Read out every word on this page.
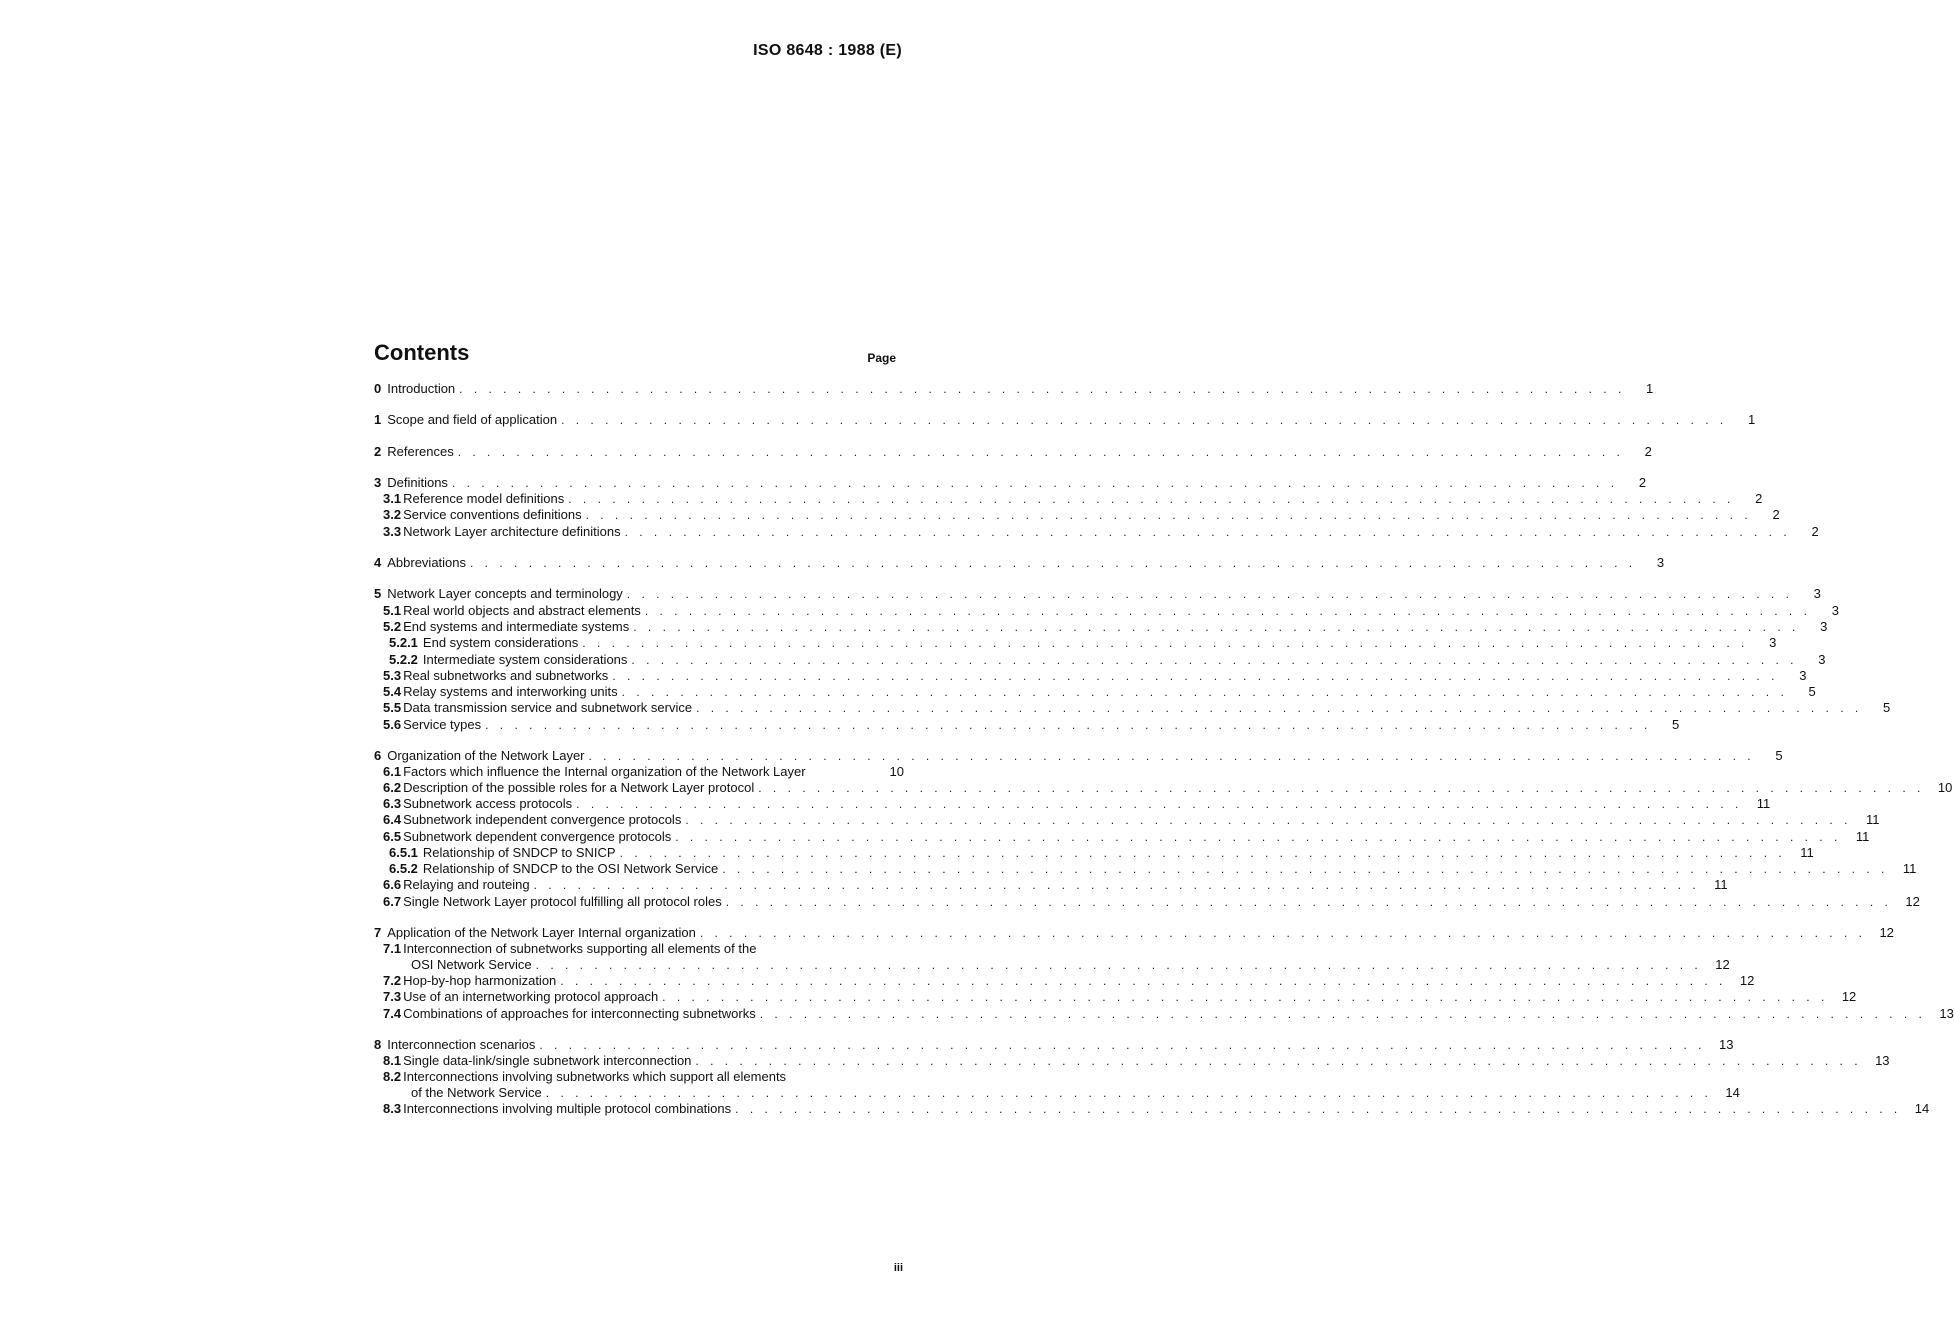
ISO 8648 : 1988 (E)
Contents	Page
0 Introduction . . . . . . . . . . . . . . . . . . . . . . . . . . . . . . . . . . . . . . . . . . . . . . . . . . . . . . . . . . . . . . . . . . . . . . . . . . . . . . . .	1
1 Scope and field of application . . . . . . . . . . . . . . . . . . . . . . . . . . . . . . . . . . . . . . . . . . . . . . . . . . . . . . . . . . . . . . . . . . . . . . . . . . . . . . . .	1
2 References . . . . . . . . . . . . . . . . . . . . . . . . . . . . . . . . . . . . . . . . . . . . . . . . . . . . . . . . . . . . . . . . . . . . . . . . . . . . . . . .	2
3 Definitions . . . . . . . . . . . . . . . . . . . . . . . . . . . . . . . . . . . . . . . . . . . . . . . . . . . . . . . . . . . . . . . . . . . . . . . . . . . . . . . .	2
3.1 Reference model definitions . . . . . . . . . . . . . . . . . . . . . . . . . . . . . . . . . . . . . . . . . . . . . . . . . . . . . . . . . . . . . . . . . . . . . . . . . . . . . . . .	2
3.2 Service conventions definitions . . . . . . . . . . . . . . . . . . . . . . . . . . . . . . . . . . . . . . . . . . . . . . . . . . . . . . . . . . . . . . . . . . . . . . . . . . . . . . . .	2
3.3 Network Layer architecture definitions . . . . . . . . . . . . . . . . . . . . . . . . . . . . . . . . . . . . . . . . . . . . . . . . . . . . . . . . . . . . . . . . . . . . . . . . . . . . . . . .	2
4 Abbreviations . . . . . . . . . . . . . . . . . . . . . . . . . . . . . . . . . . . . . . . . . . . . . . . . . . . . . . . . . . . . . . . . . . . . . . . . . . . . . . . .	3
5 Network Layer concepts and terminology . . . . . . . . . . . . . . . . . . . . . . . . . . . . . . . . . . . . . . . . . . . . . . . . . . . . . . . . . . . . . . . . . . . . . . . . . . . . . . . .	3
5.1 Real world objects and abstract elements . . . . . . . . . . . . . . . . . . . . . . . . . . . . . . . . . . . . . . . . . . . . . . . . . . . . . . . . . . . . . . . . . . . . . . . . . . . . . . . .	3
5.2 End systems and intermediate systems . . . . . . . . . . . . . . . . . . . . . . . . . . . . . . . . . . . . . . . . . . . . . . . . . . . . . . . . . . . . . . . . . . . . . . . . . . . . . . . .	3
5.2.1 End system considerations . . . . . . . . . . . . . . . . . . . . . . . . . . . . . . . . . . . . . . . . . . . . . . . . . . . . . . . . . . . . . . . . . . . . . . . . . . . . . . . .	3
5.2.2 Intermediate system considerations . . . . . . . . . . . . . . . . . . . . . . . . . . . . . . . . . . . . . . . . . . . . . . . . . . . . . . . . . . . . . . . . . . . . . . . . . . . . . . . .	3
5.3 Real subnetworks and subnetworks . . . . . . . . . . . . . . . . . . . . . . . . . . . . . . . . . . . . . . . . . . . . . . . . . . . . . . . . . . . . . . . . . . . . . . . . . . . . . . . .	3
5.4 Relay systems and interworking units . . . . . . . . . . . . . . . . . . . . . . . . . . . . . . . . . . . . . . . . . . . . . . . . . . . . . . . . . . . . . . . . . . . . . . . . . . . . . . . .	5
5.5 Data transmission service and subnetwork service . . . . . . . . . . . . . . . . . . . . . . . . . . . . . . . . . . . . . . . . . . . . . . . . . . . . . . . . . . . . . . . . . . . . . . . . . . . . . . . .	5
5.6 Service types . . . . . . . . . . . . . . . . . . . . . . . . . . . . . . . . . . . . . . . . . . . . . . . . . . . . . . . . . . . . . . . . . . . . . . . . . . . . . . . .	5
6 Organization of the Network Layer . . . . . . . . . . . . . . . . . . . . . . . . . . . . . . . . . . . . . . . . . . . . . . . . . . . . . . . . . . . . . . . . . . . . . . . . . . . . . . . .	5
6.1 Factors which influence the Internal organization of the Network Layer	10
6.2 Description of the possible roles for a Network Layer protocol . . . . . . . . . . . . . . . . . . . . . . . . . . . . . . . . . . . . . . . . . . . . . . . . . . . . . . . . . . . . . . . . . . . . . . . . . . . . . . . .	10
6.3 Subnetwork access protocols . . . . . . . . . . . . . . . . . . . . . . . . . . . . . . . . . . . . . . . . . . . . . . . . . . . . . . . . . . . . . . . . . . . . . . . . . . . . . . . .	11
6.4 Subnetwork independent convergence protocols . . . . . . . . . . . . . . . . . . . . . . . . . . . . . . . . . . . . . . . . . . . . . . . . . . . . . . . . . . . . . . . . . . . . . . . . . . . . . . . .	11
6.5 Subnetwork dependent convergence protocols . . . . . . . . . . . . . . . . . . . . . . . . . . . . . . . . . . . . . . . . . . . . . . . . . . . . . . . . . . . . . . . . . . . . . . . . . . . . . . . .	11
6.5.1 Relationship of SNDCP to SNICP . . . . . . . . . . . . . . . . . . . . . . . . . . . . . . . . . . . . . . . . . . . . . . . . . . . . . . . . . . . . . . . . . . . . . . . . . . . . . . . .	11
6.5.2 Relationship of SNDCP to the OSI Network Service . . . . . . . . . . . . . . . . . . . . . . . . . . . . . . . . . . . . . . . . . . . . . . . . . . . . . . . . . . . . . . . . . . . . . . . . . . . . . . . .	11
6.6 Relaying and routeing . . . . . . . . . . . . . . . . . . . . . . . . . . . . . . . . . . . . . . . . . . . . . . . . . . . . . . . . . . . . . . . . . . . . . . . . . . . . . . . .	11
6.7 Single Network Layer protocol fulfilling all protocol roles . . . . . . . . . . . . . . . . . . . . . . . . . . . . . . . . . . . . . . . . . . . . . . . . . . . . . . . . . . . . . . . . . . . . . . . . . . . . . . . .	12
7 Application of the Network Layer Internal organization . . . . . . . . . . . . . . . . . . . . . . . . . . . . . . . . . . . . . . . . . . . . . . . . . . . . . . . . . . . . . . . . . . . . . . . . . . . . . . . .	12
7.1 Interconnection of subnetworks supporting all elements of the
OSI Network Service . . . . . . . . . . . . . . . . . . . . . . . . . . . . . . . . . . . . . . . . . . . . . . . . . . . . . . . . . . . . . . . . . . . . . . . . . . . . . . . .	12
7.2 Hop-by-hop harmonization . . . . . . . . . . . . . . . . . . . . . . . . . . . . . . . . . . . . . . . . . . . . . . . . . . . . . . . . . . . . . . . . . . . . . . . . . . . . . . . .	12
7.3 Use of an internetworking protocol approach . . . . . . . . . . . . . . . . . . . . . . . . . . . . . . . . . . . . . . . . . . . . . . . . . . . . . . . . . . . . . . . . . . . . . . . . . . . . . . . .	12
7.4 Combinations of approaches for interconnecting subnetworks . . . . . . . . . . . . . . . . . . . . . . . . . . . . . . . . . . . . . . . . . . . . . . . . . . . . . . . . . . . . . . . . . . . . . . . . . . . . . . . .	13
8 Interconnection scenarios . . . . . . . . . . . . . . . . . . . . . . . . . . . . . . . . . . . . . . . . . . . . . . . . . . . . . . . . . . . . . . . . . . . . . . . . . . . . . . . .	13
8.1 Single data-link/single subnetwork interconnection . . . . . . . . . . . . . . . . . . . . . . . . . . . . . . . . . . . . . . . . . . . . . . . . . . . . . . . . . . . . . . . . . . . . . . . . . . . . . . . .	13
8.2 Interconnections involving subnetworks which support all elements
of the Network Service . . . . . . . . . . . . . . . . . . . . . . . . . . . . . . . . . . . . . . . . . . . . . . . . . . . . . . . . . . . . . . . . . . . . . . . . . . . . . . . .	14
8.3 Interconnections involving multiple protocol combinations . . . . . . . . . . . . . . . . . . . . . . . . . . . . . . . . . . . . . . . . . . . . . . . . . . . . . . . . . . . . . . . . . . . . . . . . . . . . . . . .	14
iii
